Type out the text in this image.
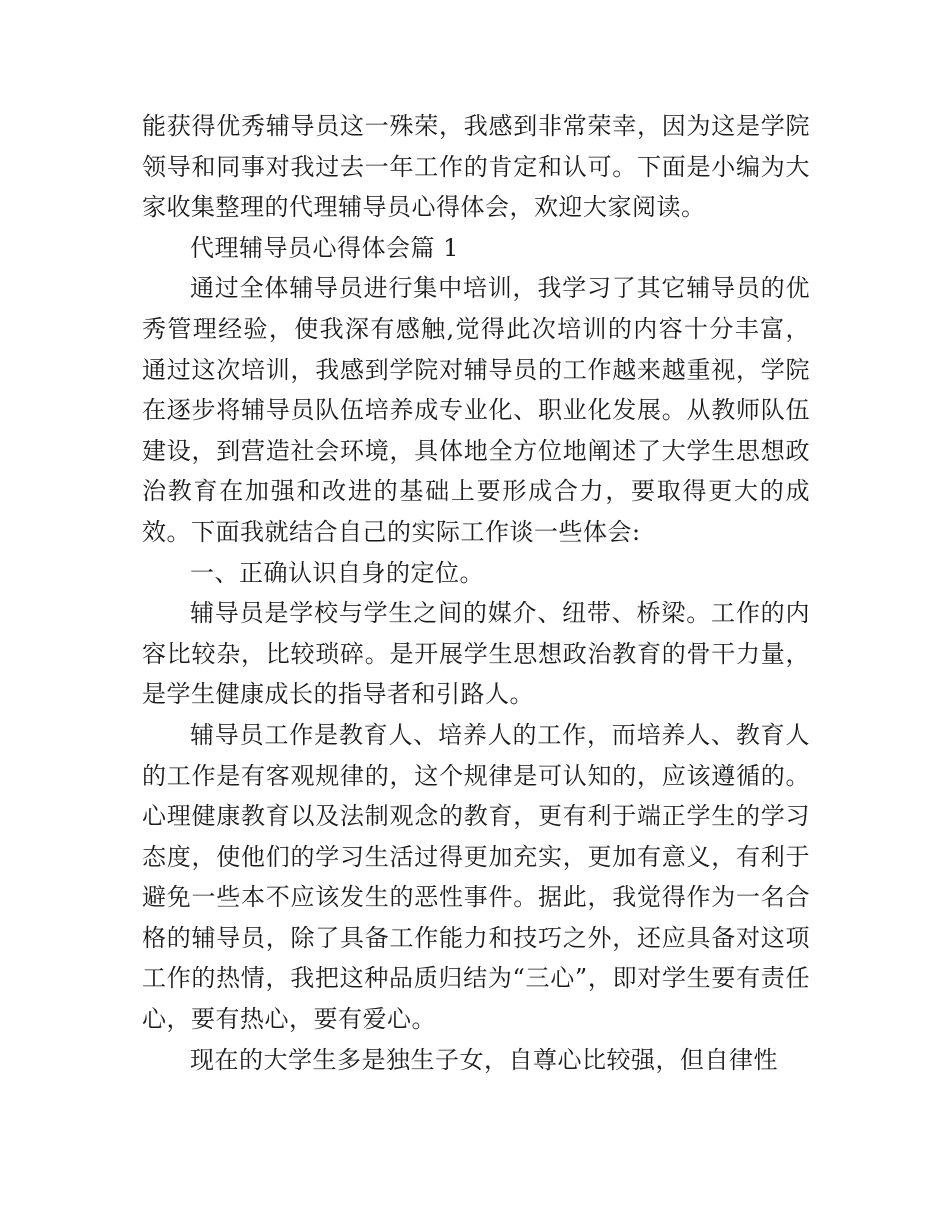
能获得优秀辅导员这一殊荣，我感到非常荣幸，因为这是学院领导和同事对我过去一年工作的肯定和认可。下面是小编为大家收集整理的代理辅导员心得体会，欢迎大家阅读。

代理辅导员心得体会篇 1

通过全体辅导员进行集中培训，我学习了其它辅导员的优秀管理经验，使我深有感触,觉得此次培训的内容十分丰富，通过这次培训，我感到学院对辅导员的工作越来越重视，学院在逐步将辅导员队伍培养成专业化、职业化发展。从教师队伍建设，到营造社会环境，具体地全方位地阐述了大学生思想政治教育在加强和改进的基础上要形成合力，要取得更大的成效。下面我就结合自己的实际工作谈一些体会:

一、正确认识自身的定位。

辅导员是学校与学生之间的媒介、纽带、桥梁。工作的内容比较杂，比较琐碎。是开展学生思想政治教育的骨干力量，是学生健康成长的指导者和引路人。

辅导员工作是教育人、培养人的工作，而培养人、教育人的工作是有客观规律的，这个规律是可认知的，应该遵循的。心理健康教育以及法制观念的教育，更有利于端正学生的学习态度，使他们的学习生活过得更加充实，更加有意义，有利于避免一些本不应该发生的恶性事件。据此，我觉得作为一名合格的辅导员，除了具备工作能力和技巧之外，还应具备对这项工作的热情，我把这种品质归结为“三心”，即对学生要有责任心，要有热心，要有爱心。

现在的大学生多是独生子女，自尊心比较强，但自律性
